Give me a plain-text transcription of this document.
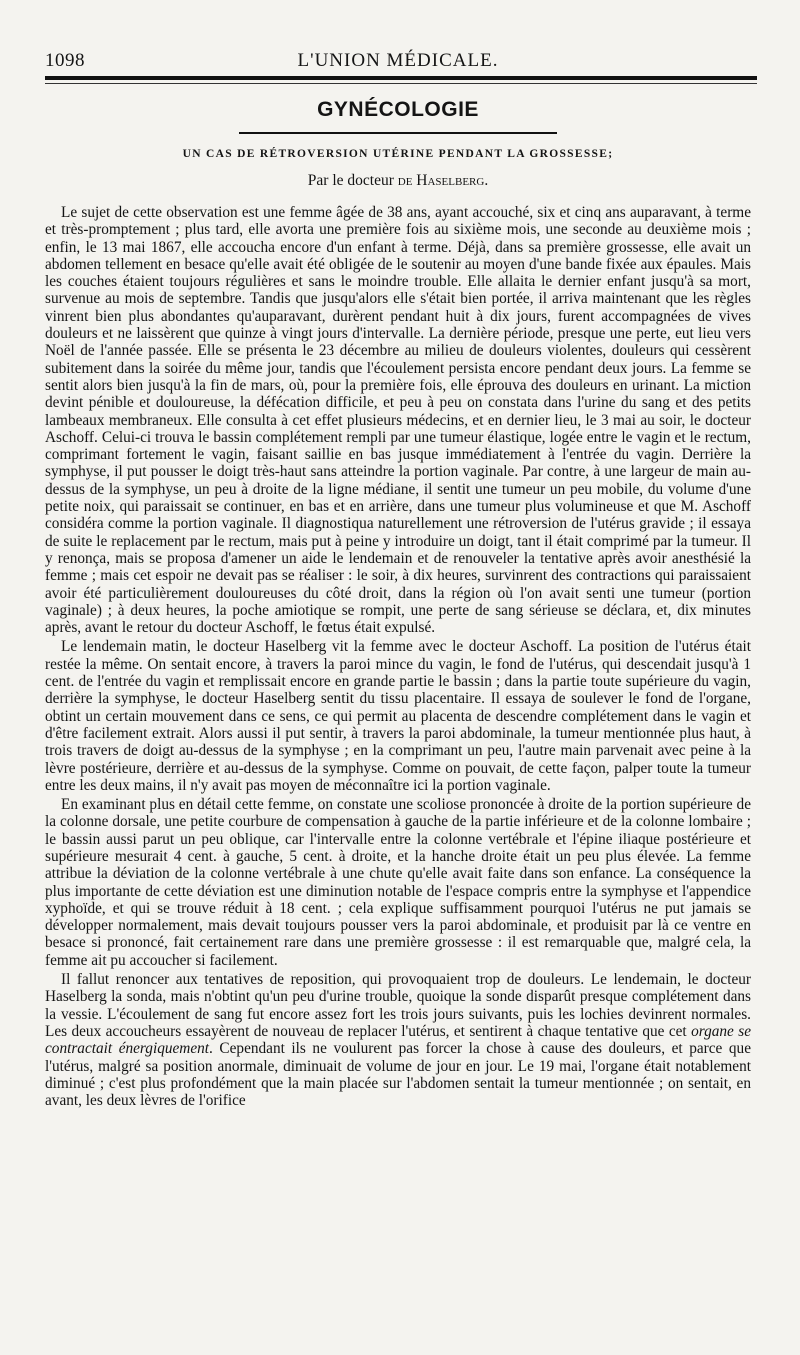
1098	L'UNION MÉDICALE.
GYNÉCOLOGIE
UN CAS DE RÉTROVERSION UTÉRINE PENDANT LA GROSSESSE;
Par le docteur de Haselberg.

Le sujet de cette observation est une femme âgée de 38 ans, ayant accouché, six et cinq ans auparavant, à terme et très-promptement ; plus tard, elle avorta une première fois au sixième mois, une seconde au deuxième mois ; enfin, le 13 mai 1867, elle accoucha encore d'un enfant à terme. Déjà, dans sa première grossesse, elle avait un abdomen tellement en besace qu'elle avait été obligée de le soutenir au moyen d'une bande fixée aux épaules. Mais les couches étaient toujours régulières et sans le moindre trouble. Elle allaita le dernier enfant jusqu'à sa mort, survenue au mois de septembre. Tandis que jusqu'alors elle s'était bien portée, il arriva maintenant que les règles vinrent bien plus abondantes qu'auparavant, durèrent pendant huit à dix jours, furent accompagnées de vives douleurs et ne laissèrent que quinze à vingt jours d'intervalle. La dernière période, presque une perte, eut lieu vers Noël de l'année passée. Elle se présenta le 23 décembre au milieu de douleurs violentes, douleurs qui cessèrent subitement dans la soirée du même jour, tandis que l'écoulement persista encore pendant deux jours. La femme se sentit alors bien jusqu'à la fin de mars, où, pour la première fois, elle éprouva des douleurs en urinant. La miction devint pénible et douloureuse, la défécation difficile, et peu à peu on constata dans l'urine du sang et des petits lambeaux membraneux. Elle consulta à cet effet plusieurs médecins, et en dernier lieu, le 3 mai au soir, le docteur Aschoff. Celui-ci trouva le bassin complétement rempli par une tumeur élastique, logée entre le vagin et le rectum, comprimant fortement le vagin, faisant saillie en bas jusque immédiatement à l'entrée du vagin. Derrière la symphyse, il put pousser le doigt très-haut sans atteindre la portion vaginale. Par contre, à une largeur de main au-dessus de la symphyse, un peu à droite de la ligne médiane, il sentit une tumeur un peu mobile, du volume d'une petite noix, qui paraissait se continuer, en bas et en arrière, dans une tumeur plus volumineuse et que M. Aschoff considéra comme la portion vaginale. Il diagnostiqua naturellement une rétroversion de l'utérus gravide ; il essaya de suite le replacement par le rectum, mais put à peine y introduire un doigt, tant il était comprimé par la tumeur. Il y renonça, mais se proposa d'amener un aide le lendemain et de renouveler la tentative après avoir anesthésié la femme ; mais cet espoir ne devait pas se réaliser : le soir, à dix heures, survinrent des contractions qui paraissaient avoir été particulièrement douloureuses du côté droit, dans la région où l'on avait senti une tumeur (portion vaginale) ; à deux heures, la poche amiotique se rompit, une perte de sang sérieuse se déclara, et, dix minutes après, avant le retour du docteur Aschoff, le fœtus était expulsé.

Le lendemain matin, le docteur Haselberg vit la femme avec le docteur Aschoff. La position de l'utérus était restée la même. On sentait encore, à travers la paroi mince du vagin, le fond de l'utérus, qui descendait jusqu'à 1 cent. de l'entrée du vagin et remplissait encore en grande partie le bassin ; dans la partie toute supérieure du vagin, derrière la symphyse, le docteur Haselberg sentit du tissu placentaire. Il essaya de soulever le fond de l'organe, obtint un certain mouvement dans ce sens, ce qui permit au placenta de descendre complétement dans le vagin et d'être facilement extrait. Alors aussi il put sentir, à travers la paroi abdominale, la tumeur mentionnée plus haut, à trois travers de doigt au-dessus de la symphyse ; en la comprimant un peu, l'autre main parvenait avec peine à la lèvre postérieure, derrière et au-dessus de la symphyse. Comme on pouvait, de cette façon, palper toute la tumeur entre les deux mains, il n'y avait pas moyen de méconnaître ici la portion vaginale.

En examinant plus en détail cette femme, on constate une scoliose prononcée à droite de la portion supérieure de la colonne dorsale, une petite courbure de compensation à gauche de la partie inférieure et de la colonne lombaire ; le bassin aussi parut un peu oblique, car l'intervalle entre la colonne vertébrale et l'épine iliaque postérieure et supérieure mesurait 4 cent. à gauche, 5 cent. à droite, et la hanche droite était un peu plus élevée. La femme attribue la déviation de la colonne vertébrale à une chute qu'elle avait faite dans son enfance. La conséquence la plus importante de cette déviation est une diminution notable de l'espace compris entre la symphyse et l'appendice xyphoïde, et qui se trouve réduit à 18 cent. ; cela explique suffisamment pourquoi l'utérus ne put jamais se développer normalement, mais devait toujours pousser vers la paroi abdominale, et produisit par là ce ventre en besace si prononcé, fait certainement rare dans une première grossesse : il est remarquable que, malgré cela, la femme ait pu accoucher si facilement.

Il fallut renoncer aux tentatives de reposition, qui provoquaient trop de douleurs. Le lendemain, le docteur Haselberg la sonda, mais n'obtint qu'un peu d'urine trouble, quoique la sonde disparût presque complétement dans la vessie. L'écoulement de sang fut encore assez fort les trois jours suivants, puis les lochies devinrent normales. Les deux accoucheurs essayèrent de nouveau de replacer l'utérus, et sentirent à chaque tentative que cet organe se contractait énergiquement. Cependant ils ne voulurent pas forcer la chose à cause des douleurs, et parce que l'utérus, malgré sa position anormale, diminuait de volume de jour en jour. Le 19 mai, l'organe était notablement diminué ; c'est plus profondément que la main placée sur l'abdomen sentait la tumeur mentionnée ; on sentait, en avant, les deux lèvres de l'orifice
